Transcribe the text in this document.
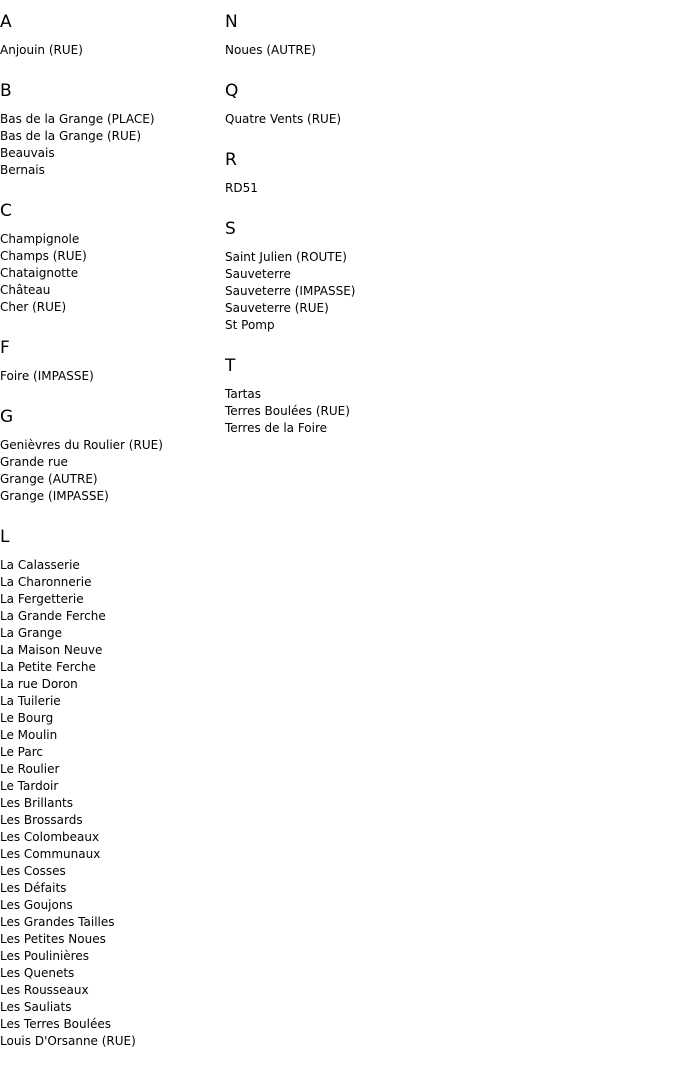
A
Anjouin (RUE)
B
Bas de la Grange (PLACE)
Bas de la Grange (RUE)
Beauvais
Bernais
C
Champignole
Champs (RUE)
Chataignotte
Château
Cher (RUE)
F
Foire (IMPASSE)
G
Genièvres du Roulier (RUE)
Grande rue
Grange (AUTRE)
Grange (IMPASSE)
L
La Calasserie
La Charonnerie
La Fergetterie
La Grande Ferche
La Grange
La Maison Neuve
La Petite Ferche
La rue Doron
La Tuilerie
Le Bourg
Le Moulin
Le Parc
Le Roulier
Le Tardoir
Les Brillants
Les Brossards
Les Colombeaux
Les Communaux
Les Cosses
Les Défaits
Les Goujons
Les Grandes Tailles
Les Petites Noues
Les Poulinières
Les Quenets
Les Rousseaux
Les Sauliats
Les Terres Boulées
Louis D'Orsanne (RUE)
N
Noues (AUTRE)
Q
Quatre Vents (RUE)
R
RD51
S
Saint Julien (ROUTE)
Sauveterre
Sauveterre (IMPASSE)
Sauveterre (RUE)
St Pomp
T
Tartas
Terres Boulées (RUE)
Terres de la Foire
